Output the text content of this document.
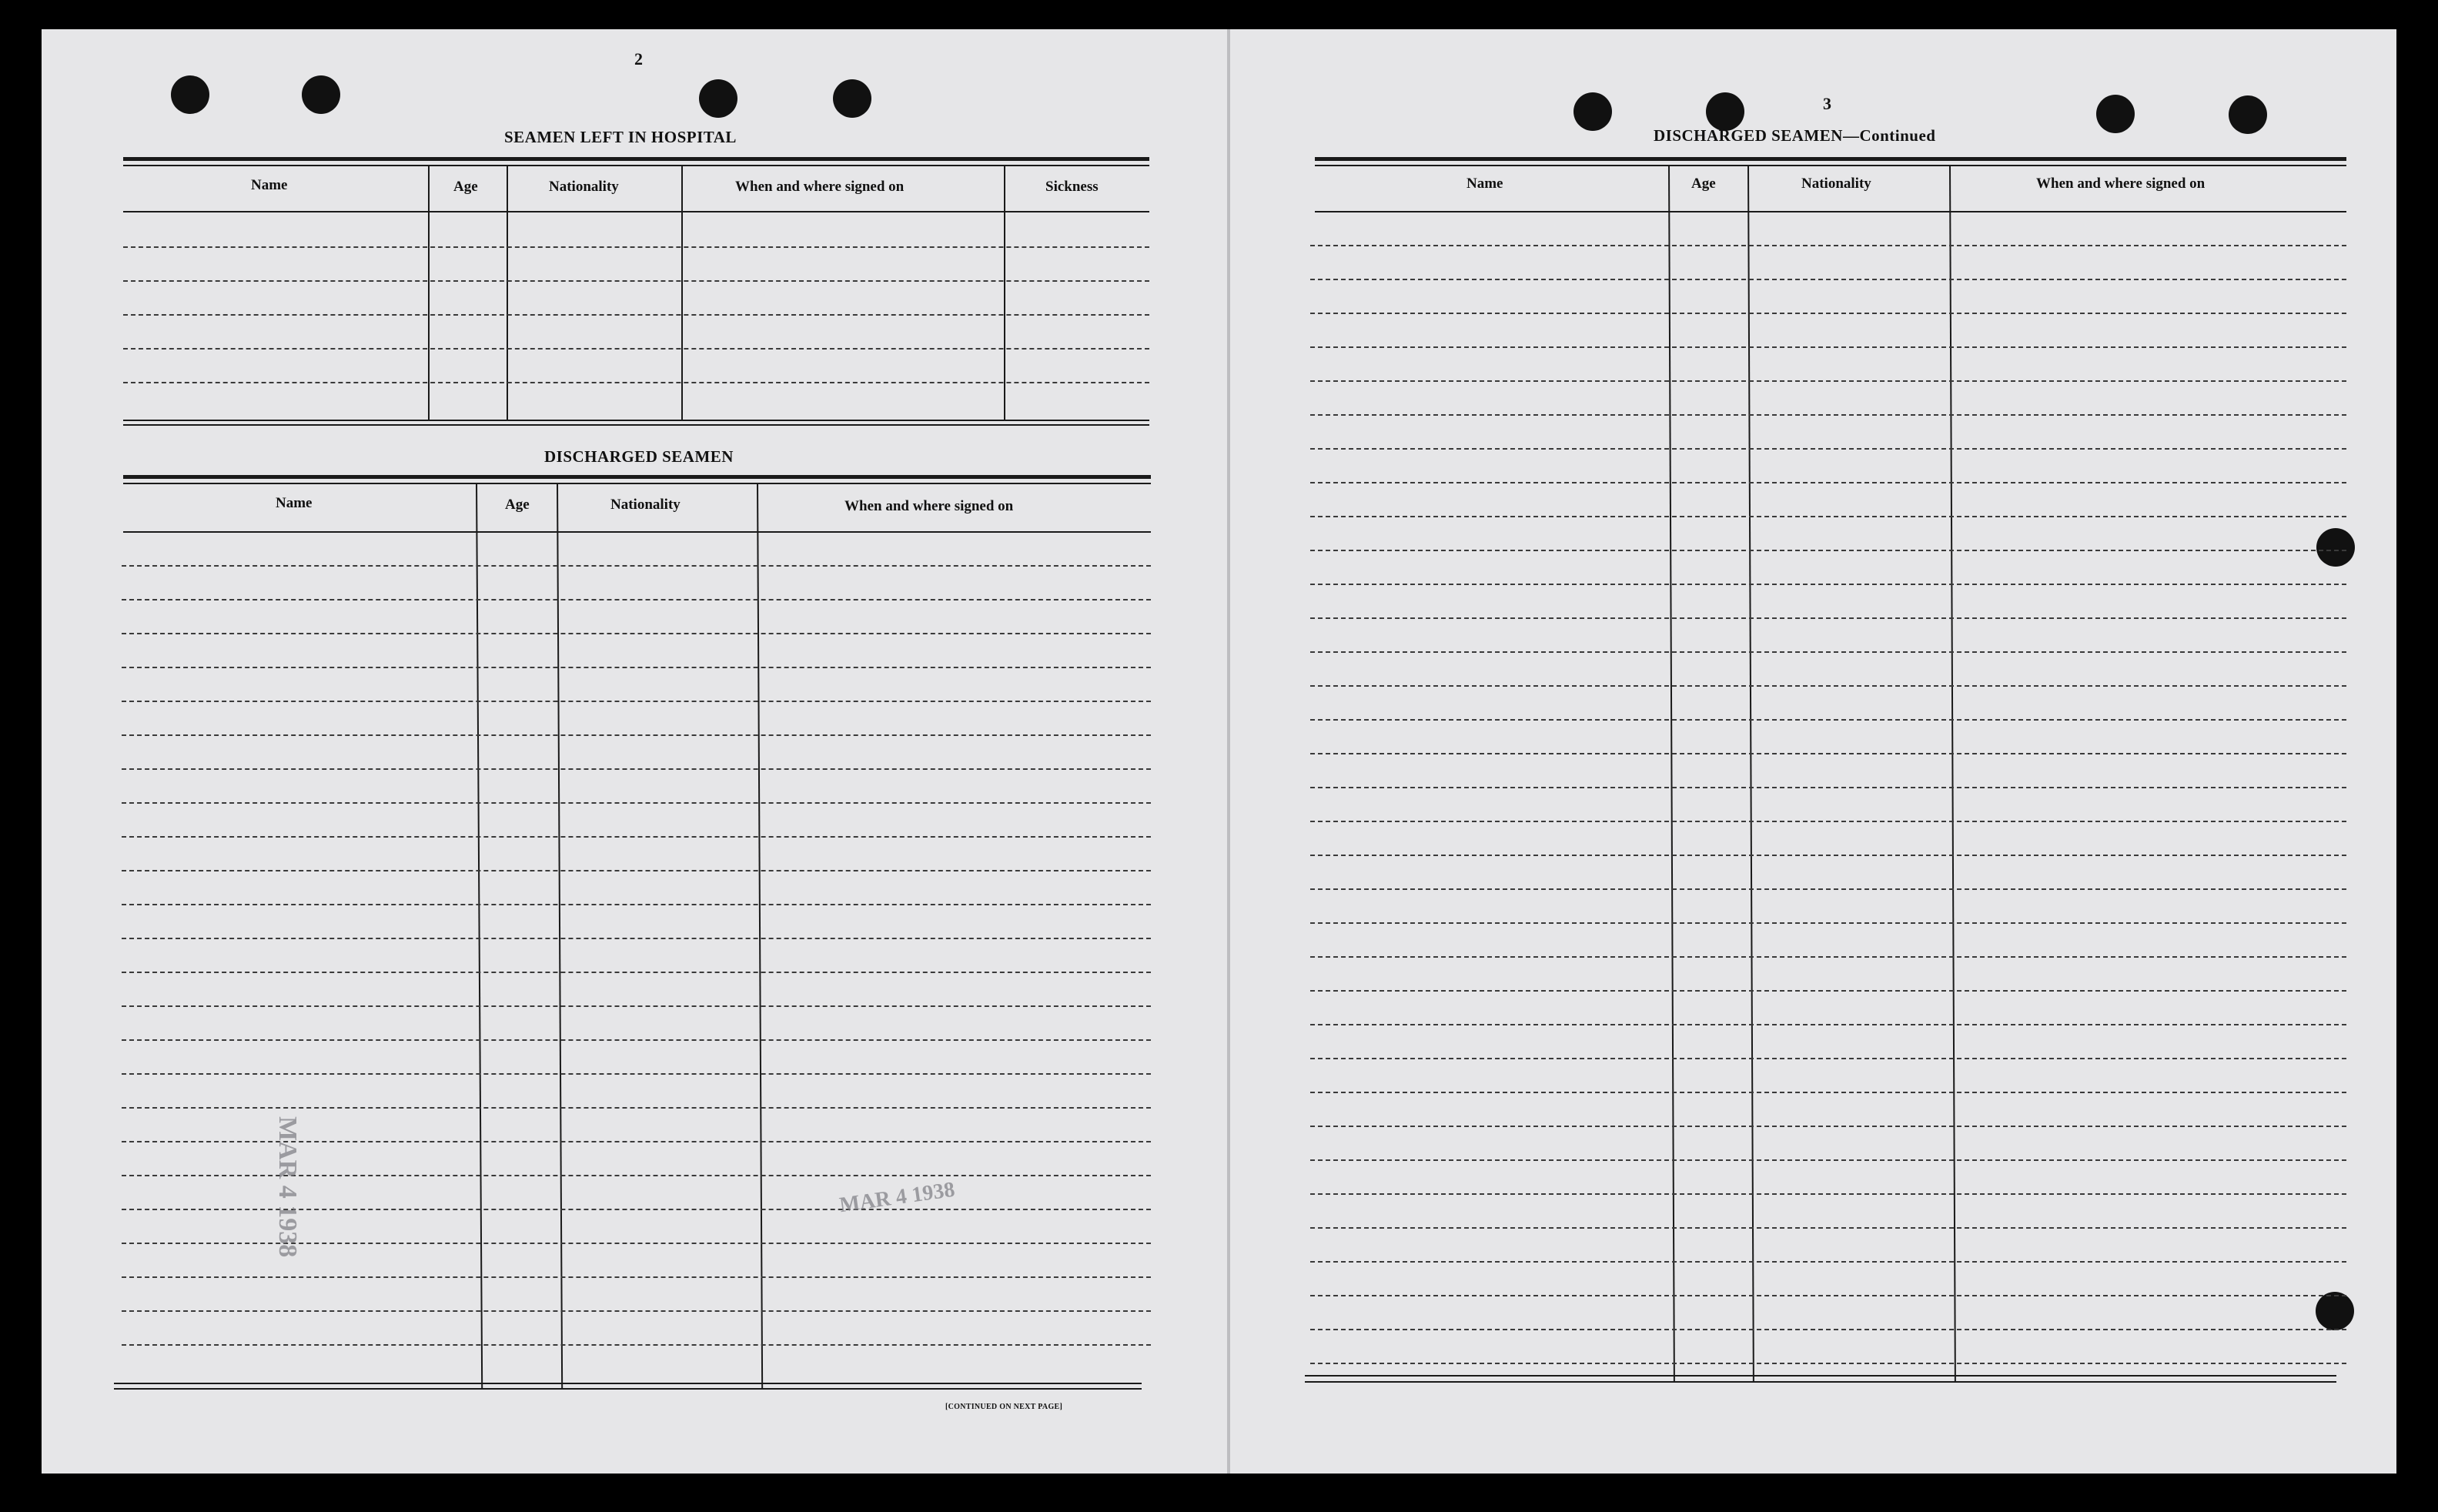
2
SEAMEN LEFT IN HOSPITAL
Name	Age	Nationality	When and where signed on	Sickness
DISCHARGED SEAMEN
Name	Age	Nationality	When and where signed on
[CONTINUED ON NEXT PAGE]
MAR 4 1938	MAR 4 1938
3
DISCHARGED SEAMEN—Continued
Name	Age	Nationality	When and where signed on
